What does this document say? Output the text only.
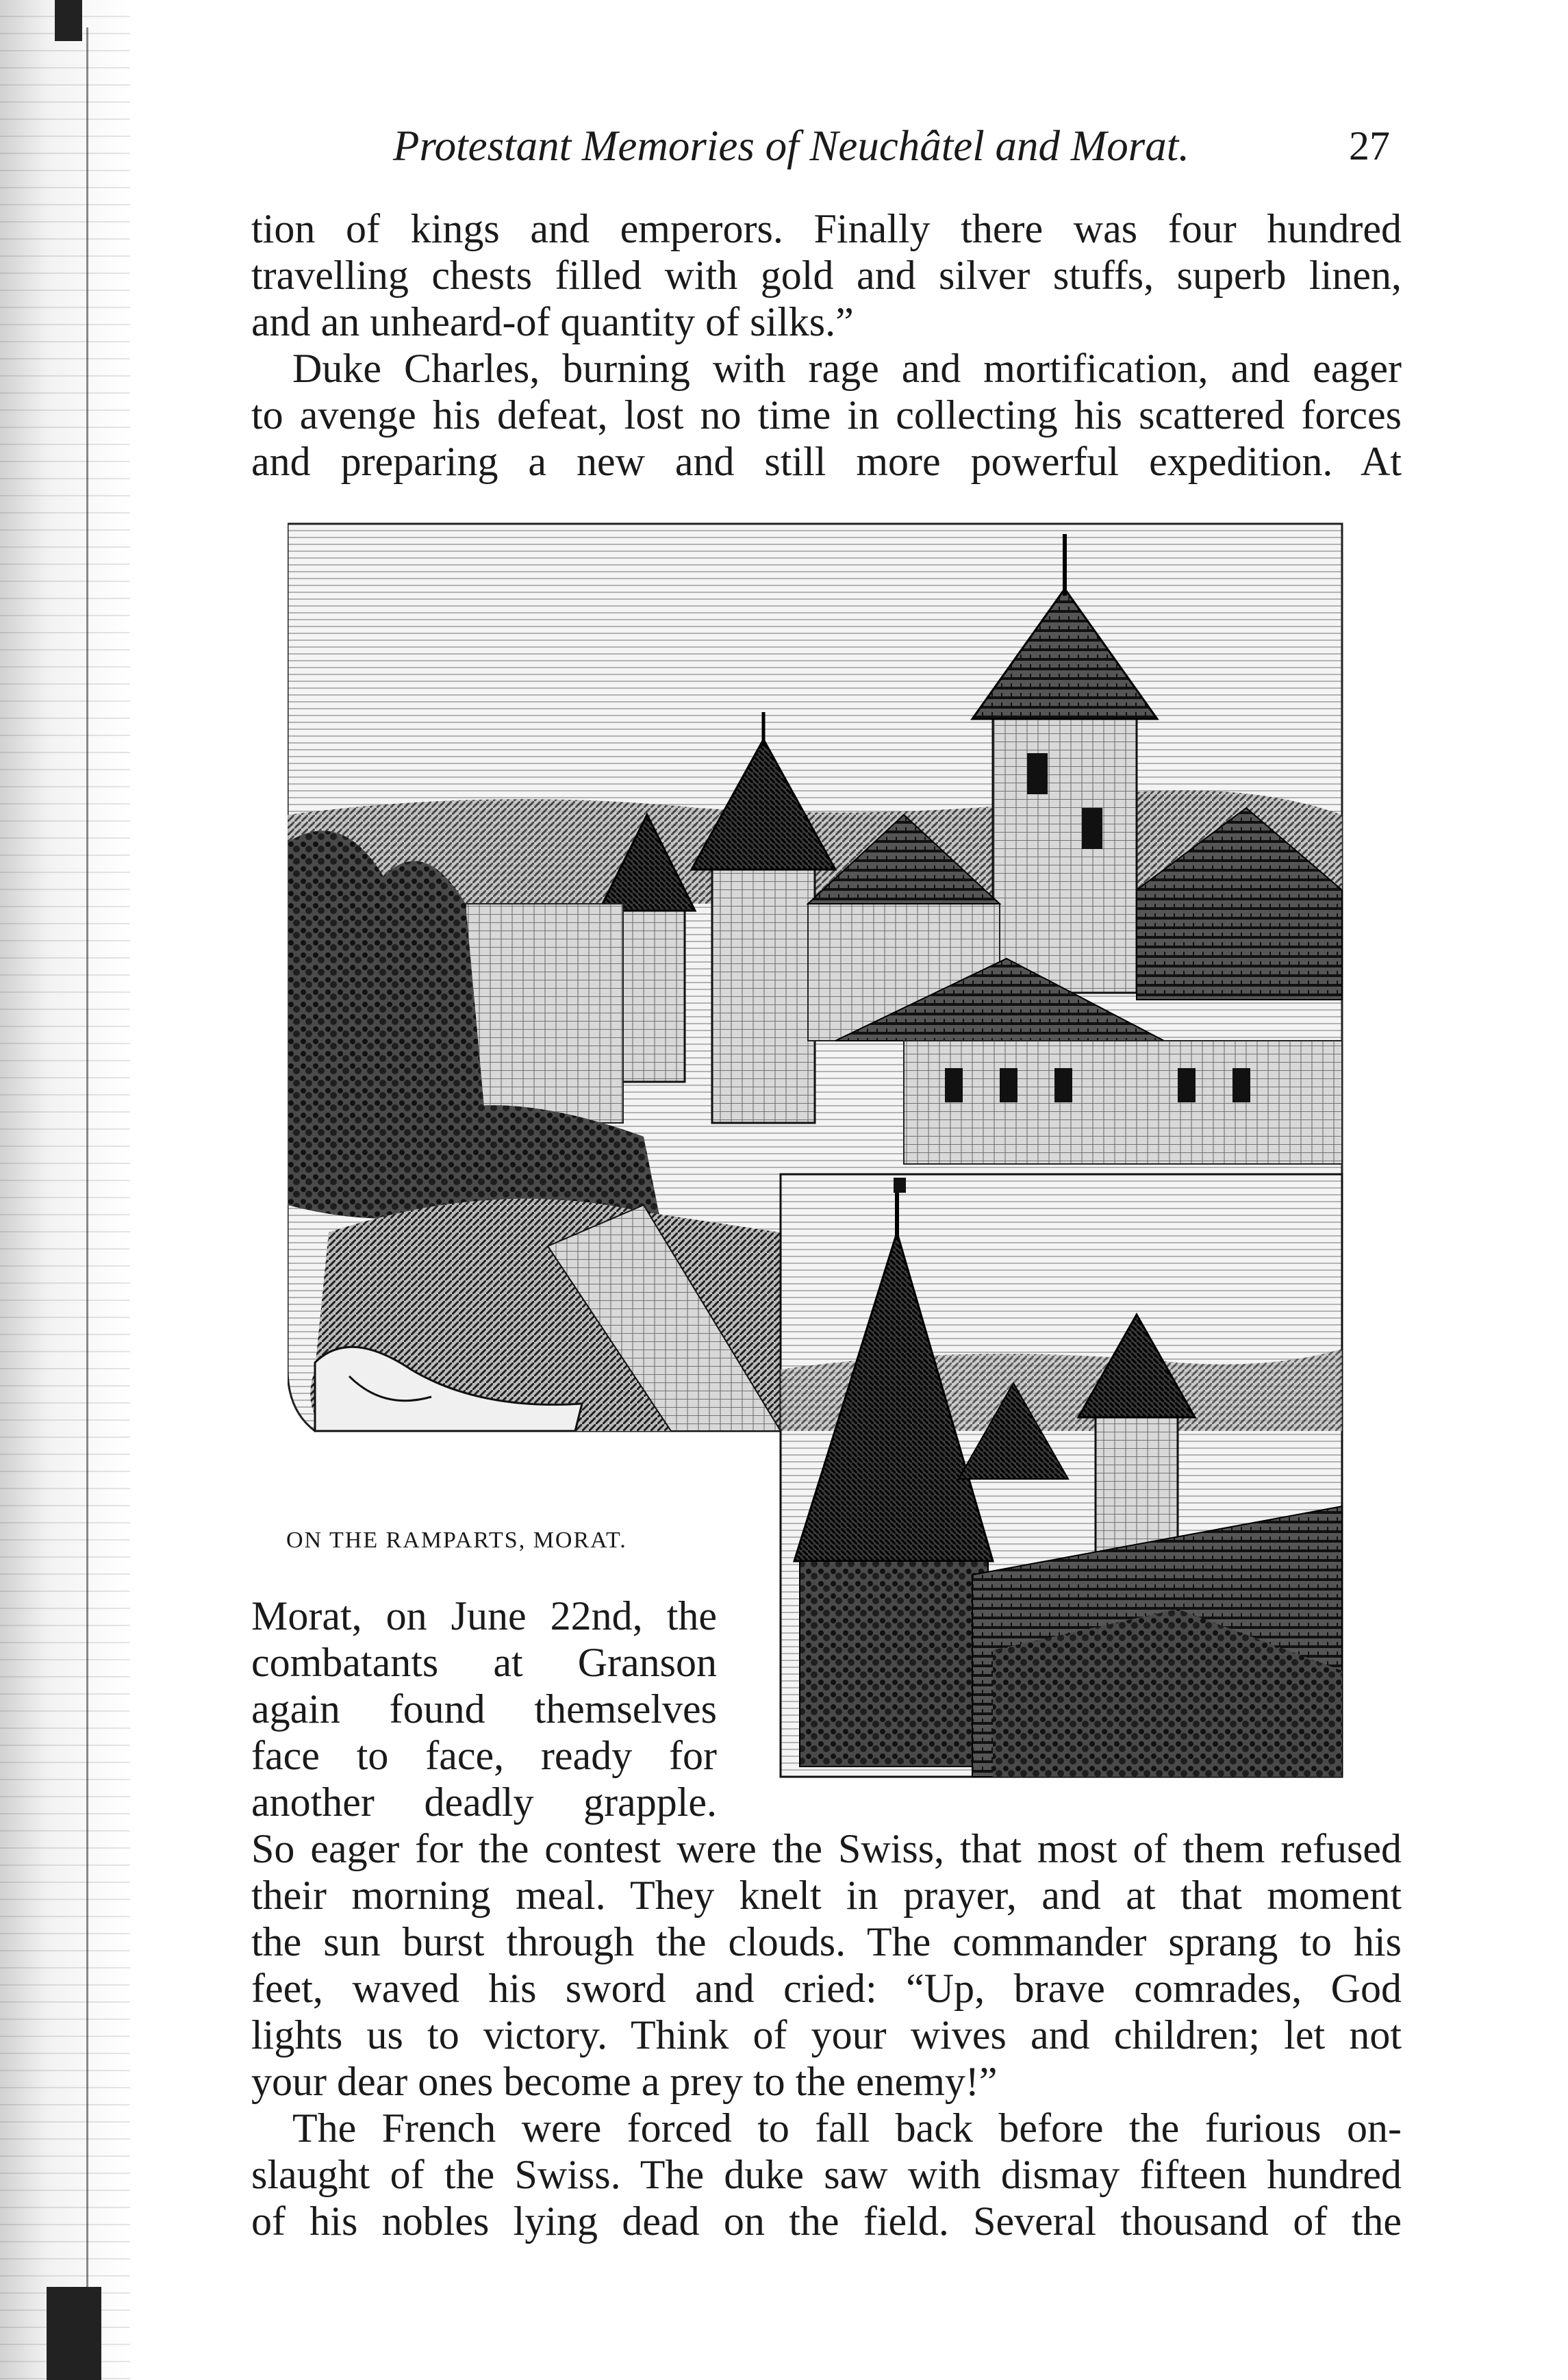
Protestant Memories of Neuchâtel and Morat.	27
tion of kings and emperors. Finally there was four hundred
travelling chests filled with gold and silver stuffs, superb linen,
and an unheard-of quantity of silks.”
Duke Charles, burning with rage and mortification, and eager
to avenge his defeat, lost no time in collecting his scattered forces
and preparing a new and still more powerful expedition. At
ON THE RAMPARTS, MORAT.
Morat, on June 22nd, the
combatants at Granson
again found themselves
face to face, ready for
another deadly grapple.
So eager for the contest were the Swiss, that most of them refused
their morning meal. They knelt in prayer, and at that moment
the sun burst through the clouds. The commander sprang to his
feet, waved his sword and cried: “Up, brave comrades, God
lights us to victory. Think of your wives and children; let not
your dear ones become a prey to the enemy!”
The French were forced to fall back before the furious on-
slaught of the Swiss. The duke saw with dismay fifteen hundred
of his nobles lying dead on the field. Several thousand of the
